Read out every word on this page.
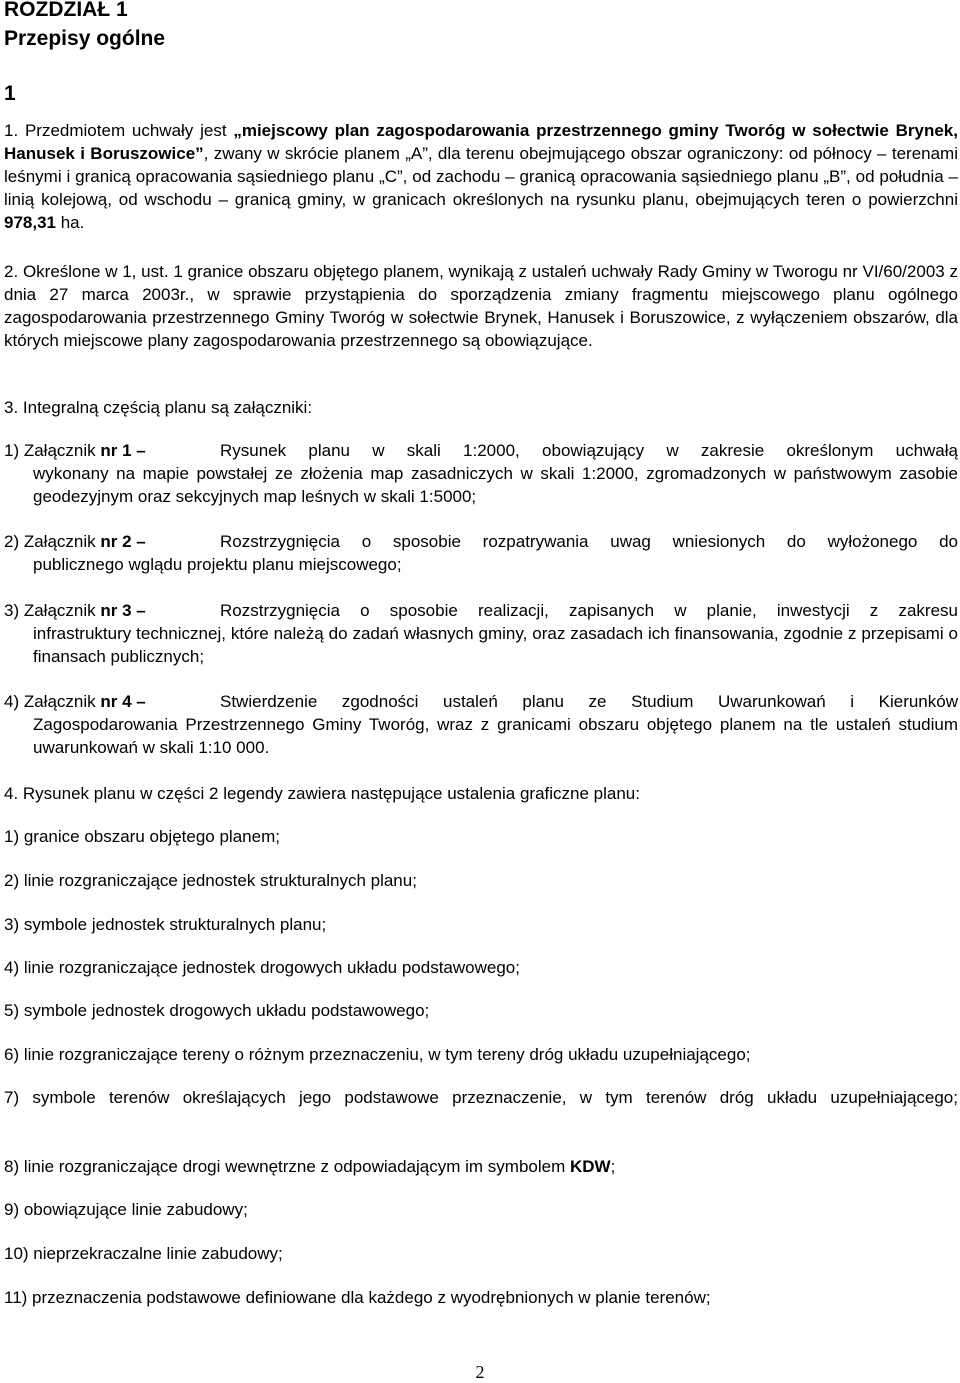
ROZDZIAŁ 1
Przepisy ogólne
1
1. Przedmiotem uchwały jest „miejscowy plan zagospodarowania przestrzennego gminy Tworóg w sołectwie Brynek, Hanusek i Boruszowice”, zwany w skrócie planem „A”, dla terenu obejmującego obszar ograniczony: od północy – terenami leśnymi i granicą opracowania sąsiedniego planu „C”, od zachodu – granicą opracowania sąsiedniego planu „B”, od południa – linią kolejową, od wschodu – granicą gminy, w granicach określonych na rysunku planu, obejmujących teren o powierzchni 978,31 ha.
2. Określone w 1, ust. 1 granice obszaru objętego planem, wynikają z ustaleń uchwały Rady Gminy w Tworogu nr VI/60/2003 z dnia 27 marca 2003r., w sprawie przystąpienia do sporządzenia zmiany fragmentu miejscowego planu ogólnego zagospodarowania przestrzennego Gminy Tworóg w sołectwie Brynek, Hanusek i Boruszowice, z wyłączeniem obszarów, dla których miejscowe plany zagospodarowania przestrzennego są obowiązujące.
3. Integralną częścią planu są załączniki:
1) Załącznik nr 1 –	Rysunek planu w skali 1:2000, obowiązujący w zakresie określonym uchwałą
wykonany na mapie powstałej ze złożenia map zasadniczych w skali 1:2000, zgromadzonych w państwowym zasobie geodezyjnym oraz sekcyjnych map leśnych w skali 1:5000;
2) Załącznik nr 2 –	Rozstrzygnięcia o sposobie rozpatrywania uwag wniesionych do wyłożonego do
publicznego wglądu projektu planu miejscowego;
3) Załącznik nr 3 –	Rozstrzygnięcia o sposobie realizacji, zapisanych w planie, inwestycji z zakresu
infrastruktury technicznej, które należą do zadań własnych gminy, oraz zasadach ich finansowania, zgodnie z przepisami o finansach publicznych;
4) Załącznik nr 4 –	Stwierdzenie zgodności ustaleń planu ze Studium Uwarunkowań i Kierunków
Zagospodarowania Przestrzennego Gminy Tworóg, wraz z granicami obszaru objętego planem na tle ustaleń studium uwarunkowań w skali 1:10 000.
4. Rysunek planu w części 2 legendy zawiera następujące ustalenia graficzne planu:
1) granice obszaru objętego planem;
2) linie rozgraniczające jednostek strukturalnych planu;
3) symbole jednostek strukturalnych planu;
4) linie rozgraniczające jednostek drogowych układu podstawowego;
5) symbole jednostek drogowych układu podstawowego;
6) linie rozgraniczające tereny o różnym przeznaczeniu, w tym tereny dróg układu uzupełniającego;
7) symbole terenów określających jego podstawowe przeznaczenie, w tym terenów dróg układu uzupełniającego;
8) linie rozgraniczające drogi wewnętrzne z odpowiadającym im symbolem KDW;
9) obowiązujące linie zabudowy;
10) nieprzekraczalne linie zabudowy;
11) przeznaczenia podstawowe definiowane dla każdego z wyodrębnionych w planie terenów;
2
